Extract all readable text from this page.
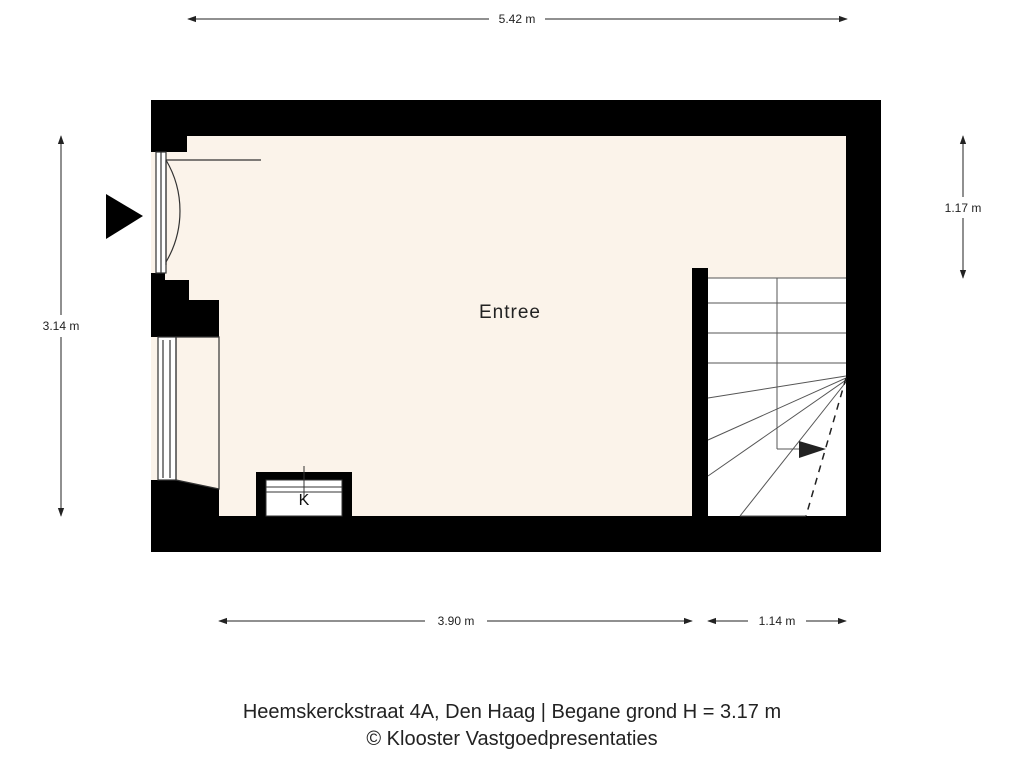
K
Entree
5.42 m
3.14 m
1.17 m
3.90 m	1.14 m
Heemskerckstraat 4A, Den Haag | Begane grond H = 3.17 m
© Klooster Vastgoedpresentaties
